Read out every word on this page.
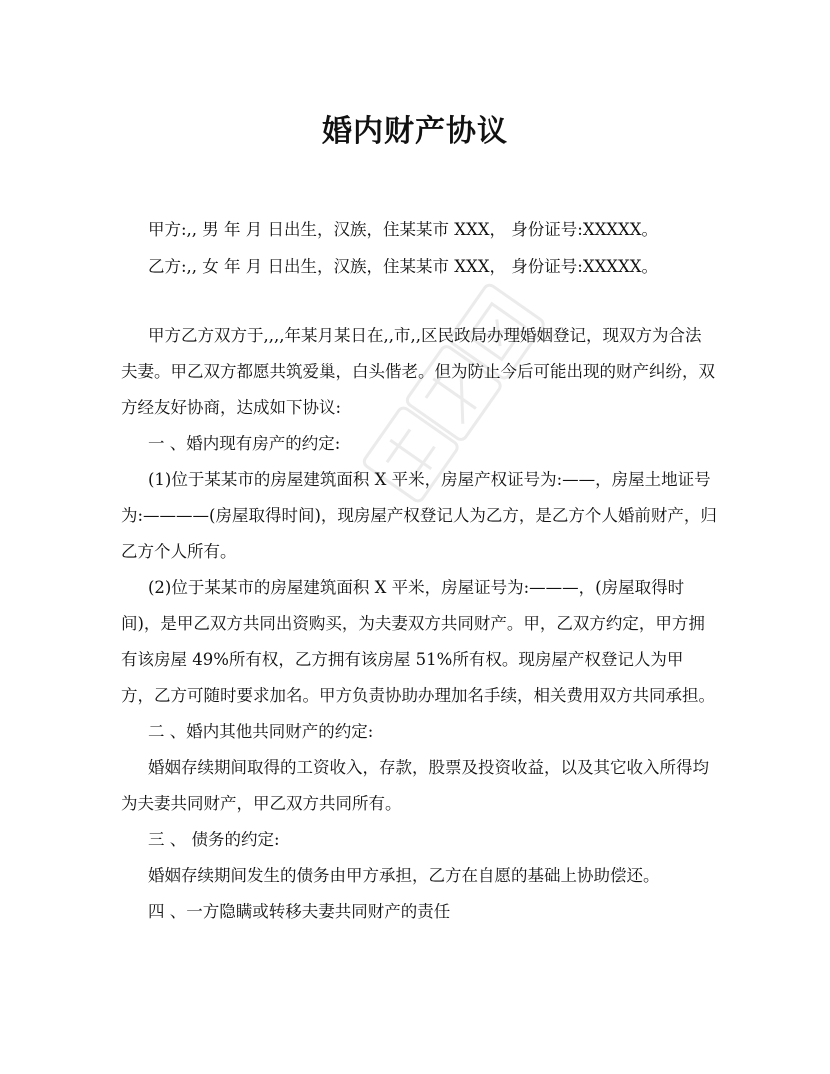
婚内财产协议

甲方:,, 男 年 月 日出生，汉族，住某某市 XXX， 身份证号:XXXXX。

乙方:,, 女 年 月 日出生，汉族，住某某市 XXX， 身份证号:XXXXX。

甲方乙方双方于,,,,年某月某日在,,市,,区民政局办理婚姻登记，现双方为合法

夫妻。甲乙双方都愿共筑爱巢，白头偕老。但为防止今后可能出现的财产纠纷，双

方经友好协商，达成如下协议:

一 、婚内现有房产的约定:

(1)位于某某市的房屋建筑面积 X 平米，房屋产权证号为:——，房屋土地证号

为:————(房屋取得时间)，现房屋产权登记人为乙方，是乙方个人婚前财产，归

乙方个人所有。

(2)位于某某市的房屋建筑面积 X 平米，房屋证号为:———，(房屋取得时

间)，是甲乙双方共同出资购买，为夫妻双方共同财产。甲，乙双方约定，甲方拥

有该房屋 49%所有权，乙方拥有该房屋 51%所有权。现房屋产权登记人为甲

方，乙方可随时要求加名。甲方负责协助办理加名手续，相关费用双方共同承担。

二 、婚内其他共同财产的约定:

婚姻存续期间取得的工资收入，存款，股票及投资收益，以及其它收入所得均

为夫妻共同财产，甲乙双方共同所有。

三 、 债务的约定:

婚姻存续期间发生的债务由甲方承担，乙方在自愿的基础上协助偿还。

四 、一方隐瞒或转移夫妻共同财产的责任
